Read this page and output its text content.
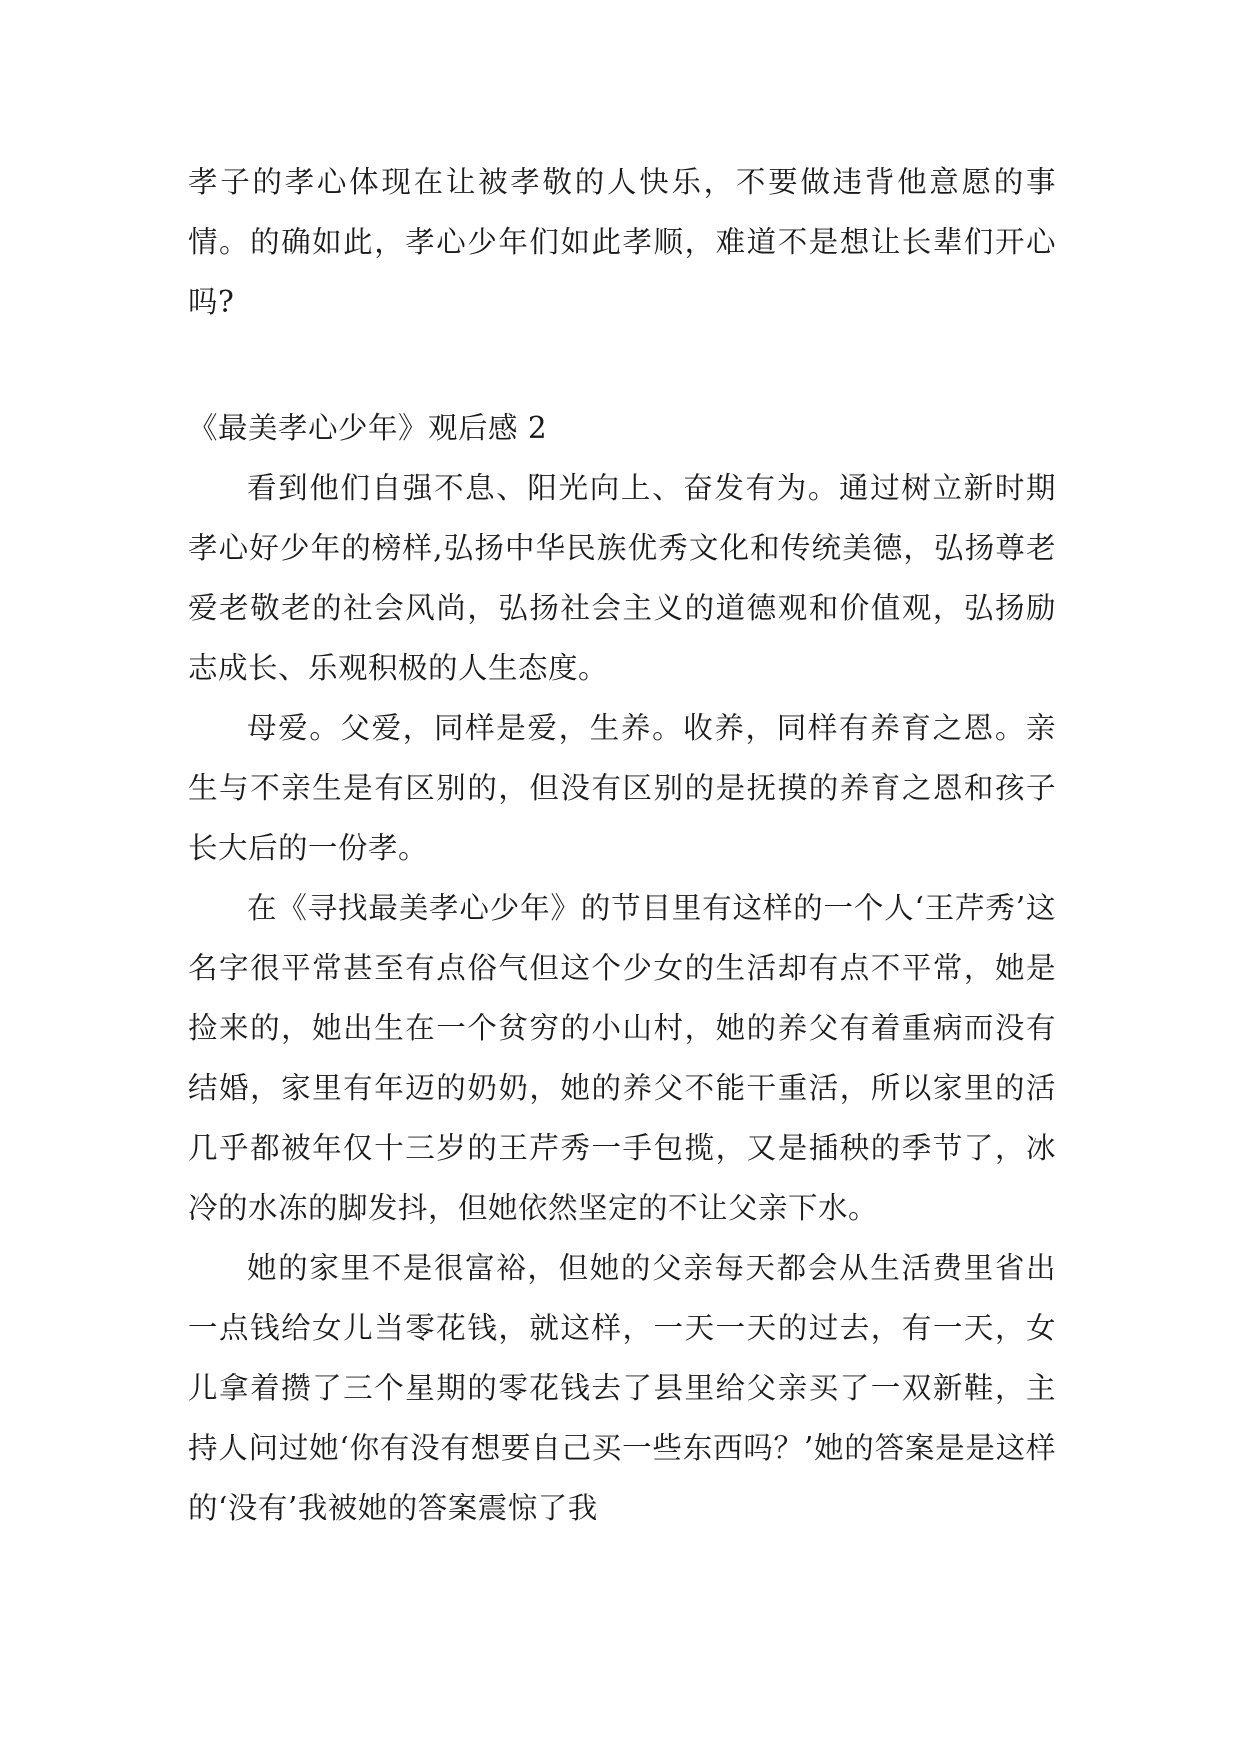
孝子的孝心体现在让被孝敬的人快乐，不要做违背他意愿的事情。的确如此，孝心少年们如此孝顺，难道不是想让长辈们开心吗?

《最美孝心少年》观后感 2

看到他们自强不息、阳光向上、奋发有为。通过树立新时期孝心好少年的榜样,弘扬中华民族优秀文化和传统美德，弘扬尊老爱老敬老的社会风尚，弘扬社会主义的道德观和价值观，弘扬励志成长、乐观积极的人生态度。

母爱。父爱，同样是爱，生养。收养，同样有养育之恩。亲生与不亲生是有区别的，但没有区别的是抚摸的养育之恩和孩子长大后的一份孝。

在《寻找最美孝心少年》的节目里有这样的一个人‘王芹秀’这名字很平常甚至有点俗气但这个少女的生活却有点不平常，她是捡来的，她出生在一个贫穷的小山村，她的养父有着重病而没有结婚，家里有年迈的奶奶，她的养父不能干重活，所以家里的活几乎都被年仅十三岁的王芹秀一手包揽，又是插秧的季节了，冰冷的水冻的脚发抖，但她依然坚定的不让父亲下水。

她的家里不是很富裕，但她的父亲每天都会从生活费里省出一点钱给女儿当零花钱，就这样，一天一天的过去，有一天，女儿拿着攒了三个星期的零花钱去了县里给父亲买了一双新鞋，主持人问过她‘你有没有想要自己买一些东西吗？’她的答案是是这样的‘没有’我被她的答案震惊了我
